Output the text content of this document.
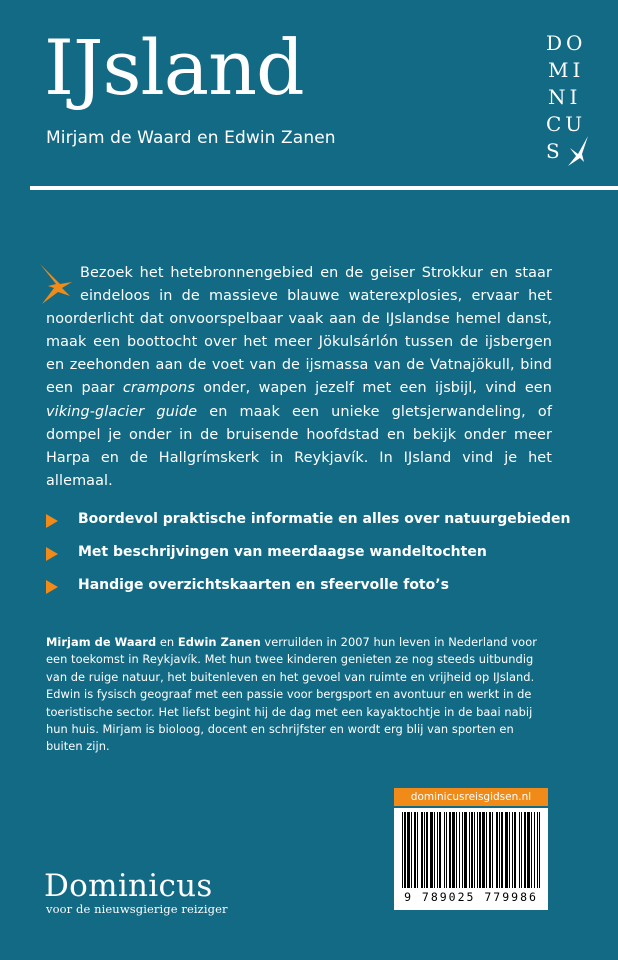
IJsland
Mirjam de Waard en Edwin Zanen
DO
MI
NI
CU
S
Bezoek het hetebronnengebied en de geiser Strokkur en staar eindeloos in de massieve blauwe waterexplosies, ervaar het noorderlicht dat onvoorspelbaar vaak aan de IJslandse hemel danst, maak een boottocht over het meer Jökulsárlón tussen de ijsbergen en zeehonden aan de voet van de ijsmassa van de Vatnajökull, bind een paar crampons onder, wapen jezelf met een ijsbijl, vind een viking-glacier guide en maak een unieke gletsjerwandeling, of dompel je onder in de bruisende hoofdstad en bekijk onder meer Harpa en de Hallgrímskerk in Reykjavík. In IJsland vind je het allemaal.
Boordevol praktische informatie en alles over natuurgebieden
Met beschrijvingen van meerdaagse wandeltochten
Handige overzichtskaarten en sfeervolle foto’s
Mirjam de Waard en Edwin Zanen verruilden in 2007 hun leven in Nederland voor een toekomst in Reykjavík. Met hun twee kinderen genieten ze nog steeds uitbundig van de ruige natuur, het buitenleven en het gevoel van ruimte en vrijheid op IJsland. Edwin is fysisch geograaf met een passie voor bergsport en avontuur en werkt in de toeristische sector. Het liefst begint hij de dag met een kayaktochtje in de baai nabij hun huis. Mirjam is bioloog, docent en schrijfster en wordt erg blij van sporten en buiten zijn.
Dominicus
voor de nieuwsgierige reiziger
dominicusreisgidsen.nl
9 789025 779986
